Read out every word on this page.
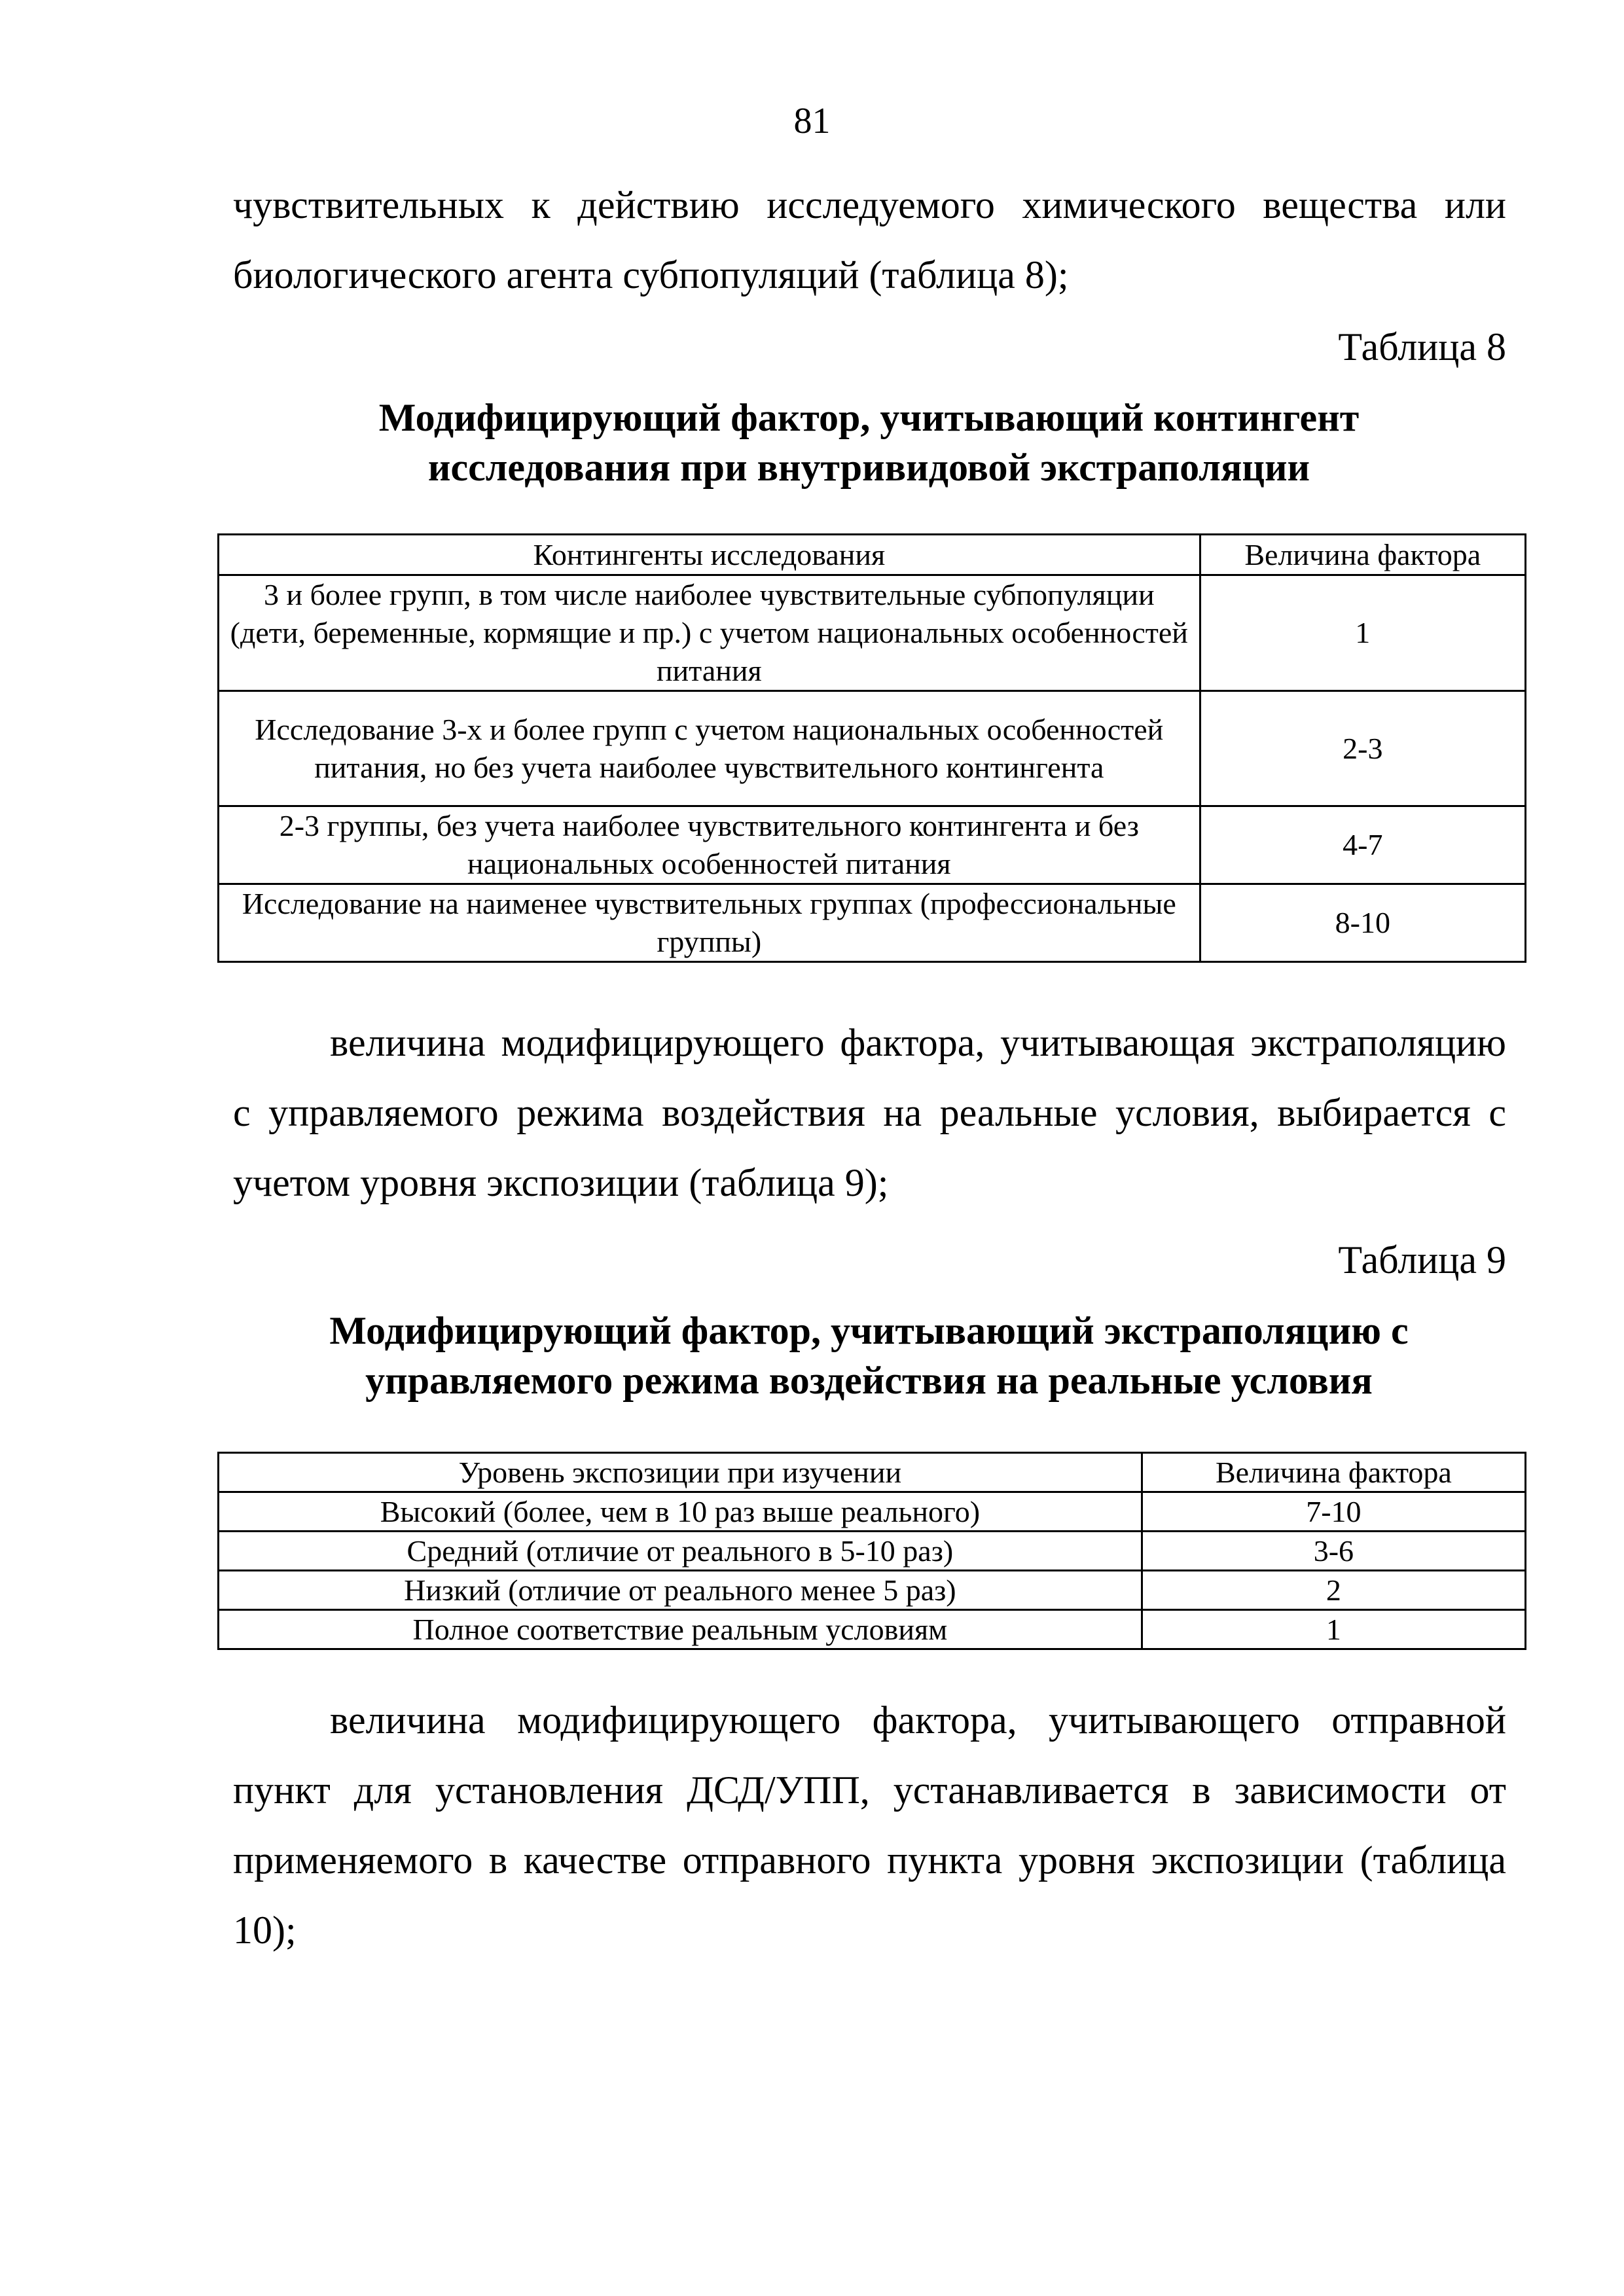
81
чувствительных к действию исследуемого химического вещества или биологического агента субпопуляций (таблица 8);
Таблица 8
Модифицирующий фактор, учитывающий контингент
исследования при внутривидовой экстраполяции
Контингенты исследования	Величина фактора
3 и более групп, в том числе наиболее чувствительные субпопуляции (дети, беременные, кормящие и пр.) с учетом национальных особенностей питания	1
Исследование 3-х и более групп с учетом национальных особенностей питания, но без учета наиболее чувствительного контингента	2-3
2-3 группы, без учета наиболее чувствительного контингента и без национальных особенностей питания	4-7
Исследование на наименее чувствительных группах (профессиональные группы)	8-10
величина модифицирующего фактора, учитывающая экстраполяцию с управляемого режима воздействия на реальные условия, выбирается с учетом уровня экспозиции (таблица 9);
Таблица 9
Модифицирующий фактор, учитывающий экстраполяцию с
управляемого режима воздействия на реальные условия
Уровень экспозиции при изучении	Величина фактора
Высокий (более, чем в 10 раз выше реального)	7-10
Средний (отличие от реального в 5-10 раз)	3-6
Низкий (отличие от реального менее 5 раз)	2
Полное соответствие реальным условиям	1
величина модифицирующего фактора, учитывающего отправной пункт для установления ДСД/УПП, устанавливается в зависимости от применяемого в качестве отправного пункта уровня экспозиции (таблица 10);
